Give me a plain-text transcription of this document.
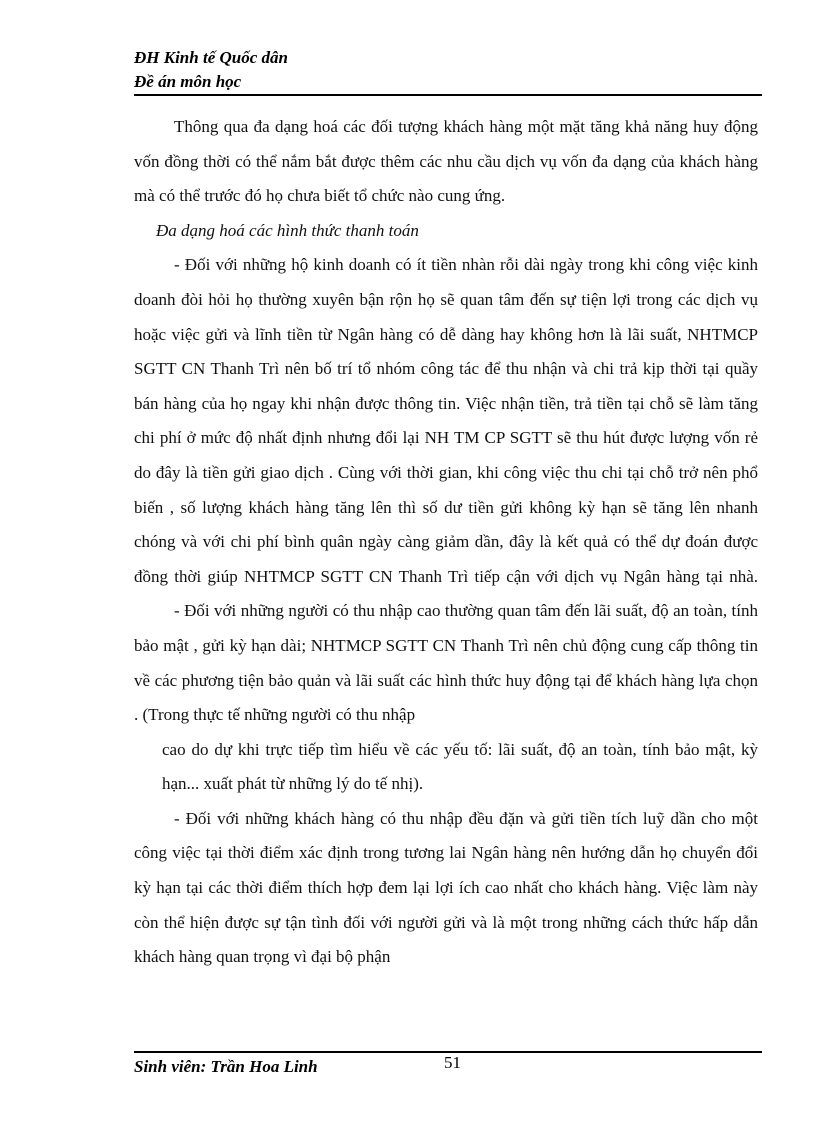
ĐH Kinh tế Quốc dân
Đề án môn học

Thông qua đa dạng hoá các đối tượng khách hàng một mặt tăng khả năng huy động vốn đồng thời có thể nắm bắt được thêm các nhu cầu dịch vụ vốn đa dạng của khách hàng mà có thể trước đó họ chưa biết tổ chức nào cung ứng.

Đa dạng hoá các hình thức thanh toán

- Đối với những hộ kinh doanh có ít tiền nhàn rỗi dài ngày trong khi công việc kinh doanh đòi hỏi họ thường xuyên bận rộn họ sẽ quan tâm đến sự tiện lợi trong các dịch vụ hoặc việc gửi và lĩnh tiền từ Ngân hàng có dễ dàng hay không hơn là lãi suất, NHTMCP SGTT CN Thanh Trì nên bố trí tổ nhóm công tác để thu nhận và chi trả kịp thời tại quầy bán hàng của họ ngay khi nhận được thông tin. Việc nhận tiền, trả tiền tại chỗ sẽ làm tăng chi phí ở mức độ nhất định nhưng đổi lại NH TM CP SGTT sẽ thu hút được lượng vốn rẻ do đây là tiền gửi giao dịch . Cùng với thời gian, khi công việc thu chi tại chỗ trở nên phổ biến , số lượng khách hàng tăng lên thì số dư tiền gửi không kỳ hạn sẽ tăng lên nhanh chóng và với chi phí bình quân ngày càng giảm dần, đây là kết quả có thể dự đoán được đồng thời giúp NHTMCP SGTT CN Thanh Trì tiếp cận với dịch vụ Ngân hàng tại nhà.

- Đối với những người có thu nhập cao thường quan tâm đến lãi suất, độ an toàn, tính bảo mật , gửi kỳ hạn dài; NHTMCP SGTT CN Thanh Trì nên chủ động cung cấp thông tin về các phương tiện bảo quản và lãi suất các hình thức huy động tại để khách hàng lựa chọn . (Trong thực tế những người có thu nhập

cao do dự khi trực tiếp tìm hiểu về các yếu tố: lãi suất, độ an toàn, tính bảo mật, kỳ hạn... xuất phát từ những lý do tế nhị).

- Đối với những khách hàng có thu nhập đều đặn và gửi tiền tích luỹ dần cho một công việc tại thời điểm xác định trong tương lai Ngân hàng nên hướng dẫn họ chuyển đổi kỳ hạn tại các thời điểm thích hợp đem lại lợi ích cao nhất cho khách hàng. Việc làm này còn thể hiện được sự tận tình đối với người gửi và là một trong những cách thức hấp dẫn khách hàng quan trọng vì đại bộ phận

Sinh viên: Trần Hoa Linh	51
